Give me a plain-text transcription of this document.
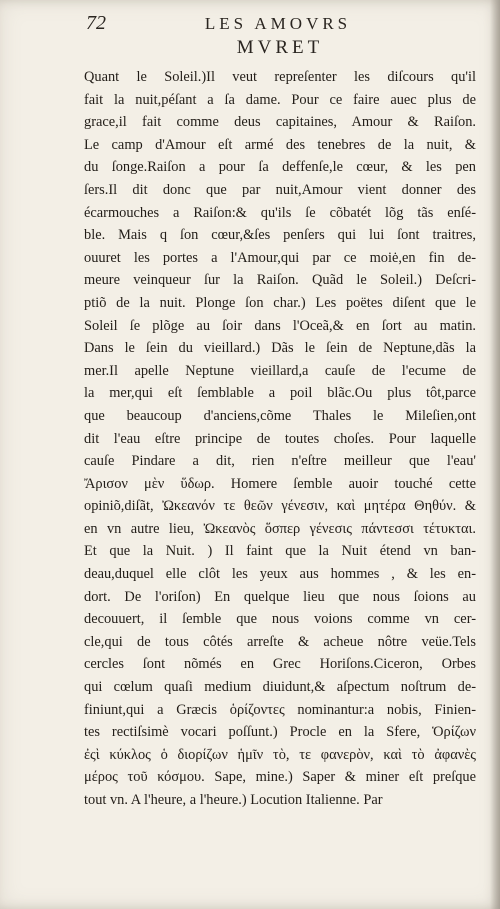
72	LES AMOVRS
MVRET
Quant le Soleil.)Il veut repreſenter les diſcours qu'il
fait la nuit,péſant a ſa dame. Pour ce faire auec plus de
grace,il fait comme deus capitaines, Amour & Raiſon.
Le camp d'Amour eſt armé des tenebres de la nuit, &
du ſonge.Raiſon a pour ſa deffenſe,le cœur, & les pen
ſers.Il dit donc que par nuit,Amour vient donner des
écarmouches a Raiſon:& qu'ils ſe cõbatét lõg tãs enſé-
ble. Mais q ſon cœur,&ſes penſers qui lui ſont traitres,
ouuret les portes a l'Amour,qui par ce moiė,en fin de-
meure veinqueur ſur la Raiſon. Quãd le Soleil.) Deſcri-
ptiõ de la nuit. Plonge ſon char.) Les poëtes diſent que le
Soleil ſe plõge au ſoir dans l'Oceã,& en ſort au matin.
Dans le ſein du vieillard.) Dãs le ſein de Neptune,dãs la
mer.Il apelle Neptune vieillard,a cauſe de l'ecume de
la mer,qui eſt ſemblable a poil blãc.Ou plus tôt,parce
que beaucoup d'anciens,cõme Thales le Mileſien,ont
dit l'eau eſtre principe de toutes choſes. Pour laquelle
cauſe Pindare a dit, rien n'eſtre meilleur que l'eau'
Ἄρισον μὲν ὕδωρ. Homere ſemble auoir touché cette
opiniõ,diſãt, Ὠκεανόν τε θεῶν γένεσιν, καὶ μητέρα Θηθύν. &
en vn autre lieu, Ὠκεανὸς ὅσπερ γένεσις πάντεσσι τέτυκται.
Et que la Nuit. ) Il faint que la Nuit étend vn ban-
deau,duquel elle clôt les yeux aus hommes , & les en-
dort. De l'oriſon) En quelque lieu que nous ſoions au
decouuert, il ſemble que nous voions comme vn cer-
cle,qui de tous côtés arreſte & acheue nôtre veüe.Tels
cercles ſont nõmés en Grec Horiſons.Ciceron, Orbes
qui cœlum quaſi medium diuidunt,& aſpectum noſtrum de-
finiunt,qui a Græcis ὁρίζοντες nominantur:a nobis, Finien-
tes rectiſsimè vocari poſſunt.) Procle en la Sfere, Ὁρίζων
ἐςὶ κύκλος ὁ διορίζων ἡμῖν τὸ, τε φανερὸν, καὶ τὸ ἀφανὲς
μέρος τοῦ κόσμου. Sape, mine.) Saper & miner eſt preſque
tout vn. A l'heure, a l'heure.) Locution Italienne. Par
